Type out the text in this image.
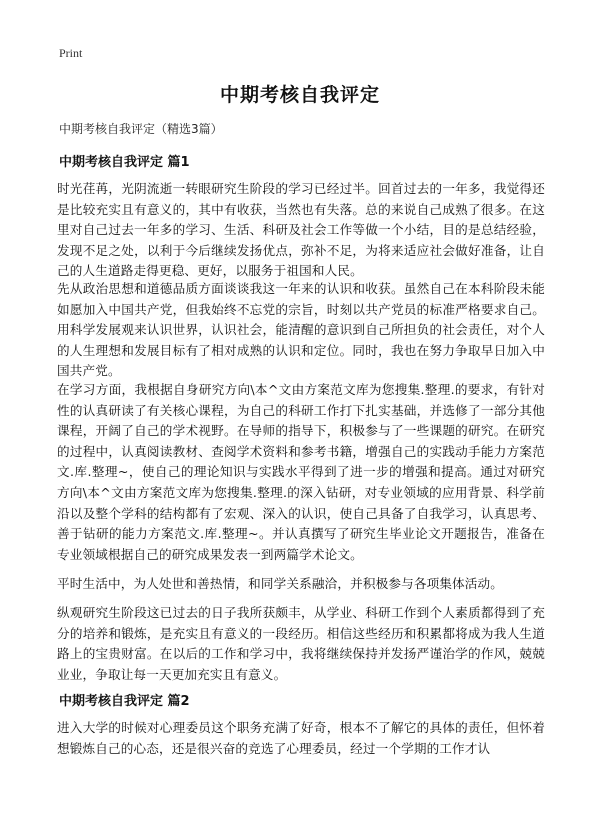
Print
中期考核自我评定
中期考核自我评定（精选3篇）
中期考核自我评定 篇1

时光荏苒，光阴流逝一转眼研究生阶段的学习已经过半。回首过去的一年多，我觉得还是比较充实且有意义的，其中有收获，当然也有失落。总的来说自己成熟了很多。在这里对自己过去一年多的学习、生活、科研及社会工作等做一个小结，目的是总结经验，发现不足之处，以利于今后继续发扬优点，弥补不足，为将来适应社会做好准备，让自己的人生道路走得更稳、更好，以服务于祖国和人民。

先从政治思想和道德品质方面谈谈我这一年来的认识和收获。虽然自己在本科阶段未能如愿加入中国共产党，但我始终不忘党的宗旨，时刻以共产党员的标准严格要求自己。用科学发展观来认识世界，认识社会，能清醒的意识到自己所担负的社会责任，对个人的人生理想和发展目标有了相对成熟的认识和定位。同时，我也在努力争取早日加入中国共产党。

在学习方面，我根据自身研究方向\本^文由方案范文库为您搜集.整理.的要求，有针对性的认真研读了有关核心课程，为自己的科研工作打下扎实基础，并选修了一部分其他课程，开阔了自己的学术视野。在导师的指导下，积极参与了一些课题的研究。在研究的过程中，认真阅读教材、查阅学术资料和参考书籍，增强自己的实践动手能力方案范文.库.整理~，使自己的理论知识与实践水平得到了进一步的增强和提高。通过对研究方向\本^文由方案范文库为您搜集.整理.的深入钻研，对专业领域的应用背景、科学前沿以及整个学科的结构都有了宏观、深入的认识，使自己具备了自我学习，认真思考、善于钻研的能力方案范文.库.整理~。并认真撰写了研究生毕业论文开题报告，准备在专业领域根据自己的研究成果发表一到两篇学术论文。

平时生活中，为人处世和善热情，和同学关系融洽，并积极参与各项集体活动。

纵观研究生阶段这已过去的日子我所获颇丰，从学业、科研工作到个人素质都得到了充分的培养和锻炼，是充实且有意义的一段经历。相信这些经历和积累都将成为我人生道路上的宝贵财富。在以后的工作和学习中，我将继续保持并发扬严谨治学的作风，兢兢业业，争取让每一天更加充实且有意义。

中期考核自我评定 篇2

进入大学的时候对心理委员这个职务充满了好奇，根本不了解它的具体的责任，但怀着想锻炼自己的心态，还是很兴奋的竞选了心理委员，经过一个学期的工作才认
